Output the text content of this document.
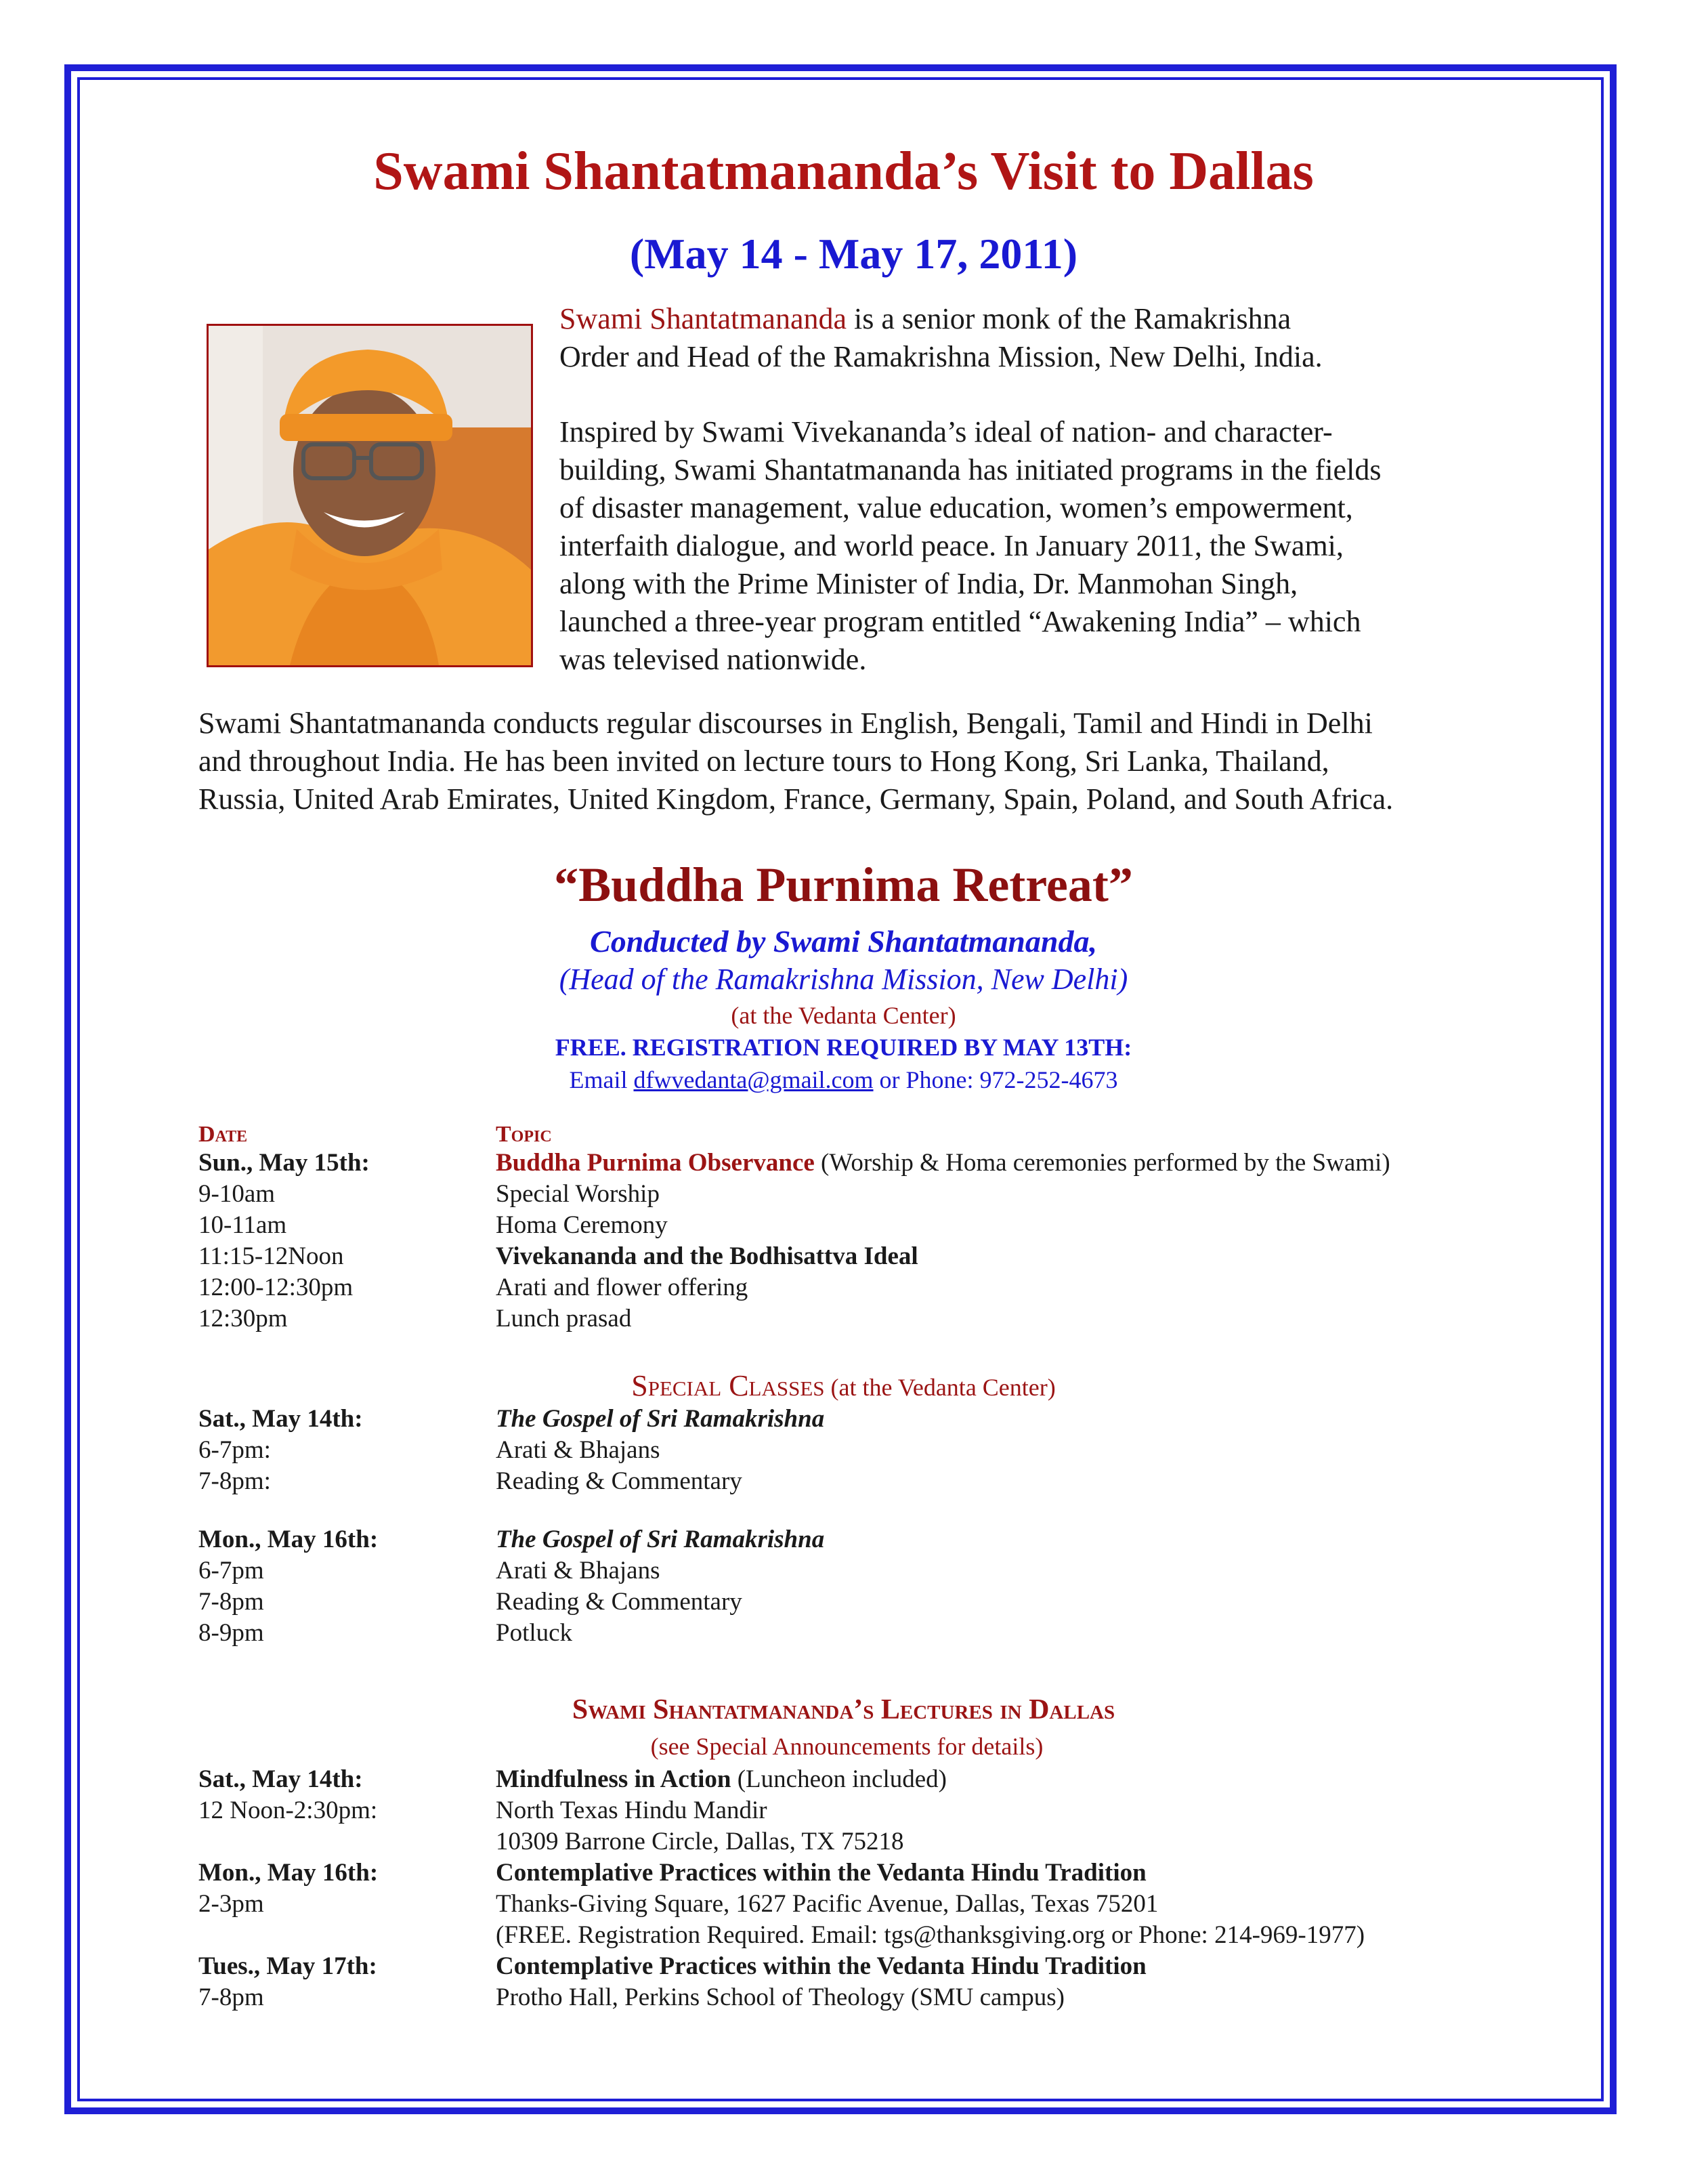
Swami Shantatmananda’s Visit to Dallas
(May 14 - May 17, 2011)
Swami Shantatmananda is a senior monk of the Ramakrishna
Order and Head of the Ramakrishna Mission, New Delhi, India.
Inspired by Swami Vivekananda’s ideal of nation- and character-
building, Swami Shantatmananda has initiated programs in the fields
of disaster management, value education, women’s empowerment,
interfaith dialogue, and world peace. In January 2011, the Swami,
along with the Prime Minister of India, Dr. Manmohan Singh,
launched a three-year program entitled “Awakening India” – which
was televised nationwide.
Swami Shantatmananda conducts regular discourses in English, Bengali, Tamil and Hindi in Delhi
and throughout India. He has been invited on lecture tours to Hong Kong, Sri Lanka, Thailand,
Russia, United Arab Emirates, United Kingdom, France, Germany, Spain, Poland, and South Africa.
“Buddha Purnima Retreat”
Conducted by Swami Shantatmananda,
(Head of the Ramakrishna Mission, New Delhi)
(at the Vedanta Center)
FREE. REGISTRATION REQUIRED BY MAY 13TH:
Email dfwvedanta@gmail.com or Phone: 972-252-4673
Date	Topic
Sun., May 15th:	Buddha Purnima Observance (Worship & Homa ceremonies performed by the Swami)
9-10am	Special Worship
10-11am	Homa Ceremony
11:15-12Noon	Vivekananda and the Bodhisattva Ideal
12:00-12:30pm	Arati and flower offering
12:30pm	Lunch prasad
Special Classes (at the Vedanta Center)
Sat., May 14th:	The Gospel of Sri Ramakrishna
6-7pm:	Arati & Bhajans
7-8pm:	Reading & Commentary
Mon., May 16th:	The Gospel of Sri Ramakrishna
6-7pm	Arati & Bhajans
7-8pm	Reading & Commentary
8-9pm	Potluck
Swami Shantatmananda’s Lectures in Dallas
(see Special Announcements for details)
Sat., May 14th:	Mindfulness in Action (Luncheon included)
12 Noon-2:30pm:	North Texas Hindu Mandir
10309 Barrone Circle, Dallas, TX 75218
Mon., May 16th:	Contemplative Practices within the Vedanta Hindu Tradition
2-3pm	Thanks-Giving Square, 1627 Pacific Avenue, Dallas, Texas 75201
(FREE. Registration Required. Email: tgs@thanksgiving.org or Phone: 214-969-1977)
Tues., May 17th:	Contemplative Practices within the Vedanta Hindu Tradition
7-8pm	Protho Hall, Perkins School of Theology (SMU campus)
